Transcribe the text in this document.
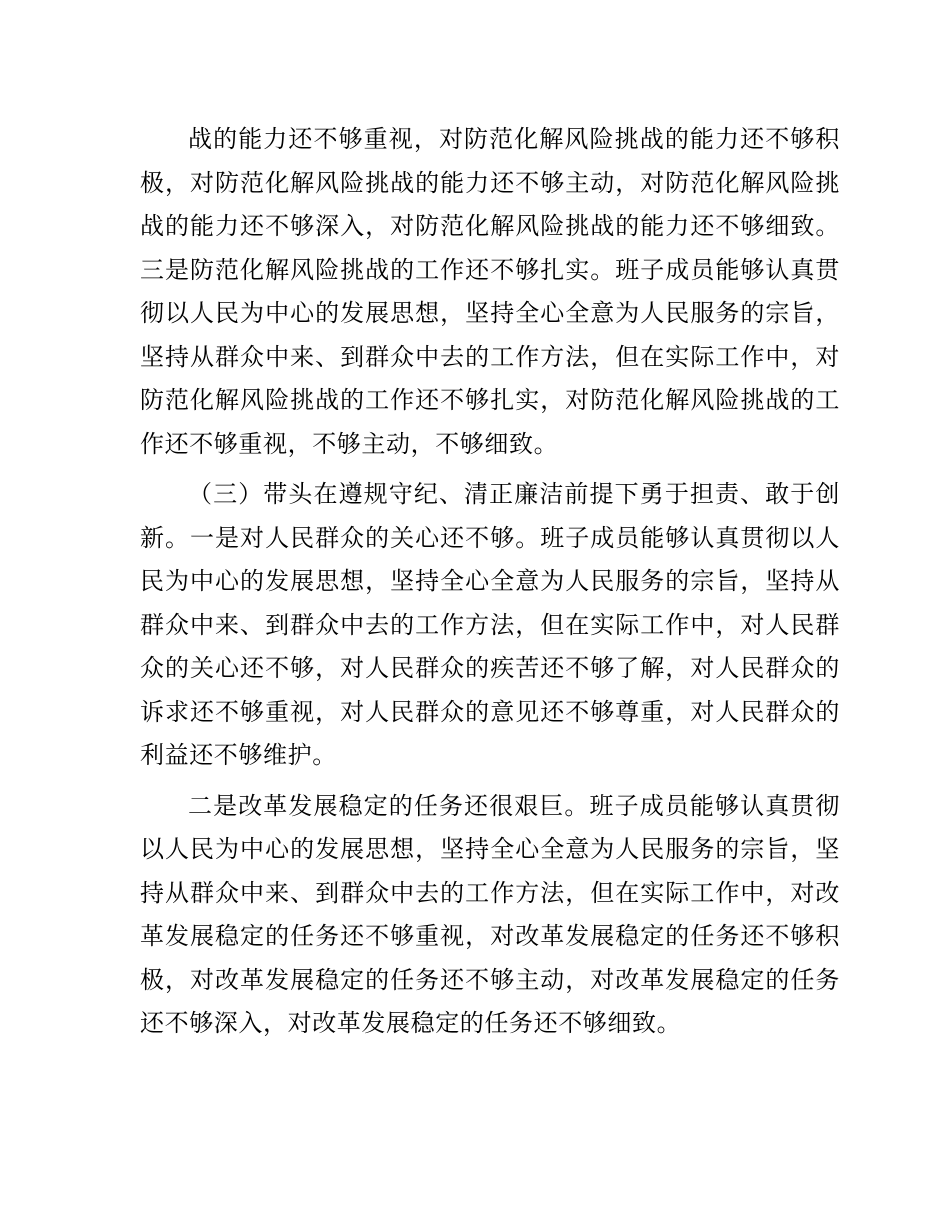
战的能力还不够重视，对防范化解风险挑战的能力还不够积极，对防范化解风险挑战的能力还不够主动，对防范化解风险挑战的能力还不够深入，对防范化解风险挑战的能力还不够细致。三是防范化解风险挑战的工作还不够扎实。班子成员能够认真贯彻以人民为中心的发展思想，坚持全心全意为人民服务的宗旨，坚持从群众中来、到群众中去的工作方法，但在实际工作中，对防范化解风险挑战的工作还不够扎实，对防范化解风险挑战的工作还不够重视，不够主动，不够细致。

（三）带头在遵规守纪、清正廉洁前提下勇于担责、敢于创新。一是对人民群众的关心还不够。班子成员能够认真贯彻以人民为中心的发展思想，坚持全心全意为人民服务的宗旨，坚持从群众中来、到群众中去的工作方法，但在实际工作中，对人民群众的关心还不够，对人民群众的疾苦还不够了解，对人民群众的诉求还不够重视，对人民群众的意见还不够尊重，对人民群众的利益还不够维护。

二是改革发展稳定的任务还很艰巨。班子成员能够认真贯彻以人民为中心的发展思想，坚持全心全意为人民服务的宗旨，坚持从群众中来、到群众中去的工作方法，但在实际工作中，对改革发展稳定的任务还不够重视，对改革发展稳定的任务还不够积极，对改革发展稳定的任务还不够主动，对改革发展稳定的任务还不够深入，对改革发展稳定的任务还不够细致。
